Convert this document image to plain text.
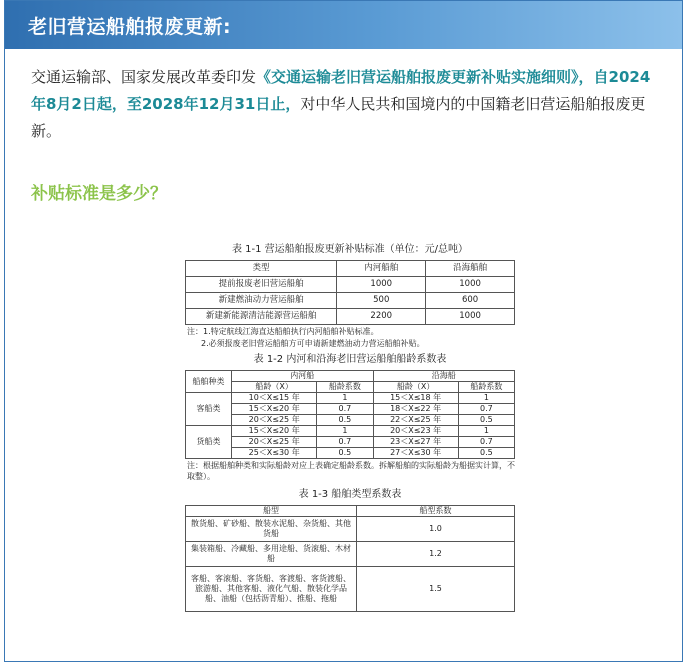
老旧营运船舶报废更新:
交通运输部、国家发展改革委印发《交通运输老旧营运船舶报废更新补贴实施细则》，自2024年8月2日起，至2028年12月31日止，对中华人民共和国境内的中国籍老旧营运船舶报废更新。
补贴标准是多少？
表 1-1 营运船舶报废更新补贴标准（单位：元/总吨）
类型	内河船舶	沿海船舶
提前报废老旧营运船舶	1000	1000
新建燃油动力营运船舶	500	600
新建新能源清洁能源营运船舶	2200	1000
注：1.特定航线江海直达船舶执行内河船舶补贴标准。
2.必须报废老旧营运船舶方可申请新建燃油动力营运船舶补贴。
表 1-2 内河和沿海老旧营运船舶船龄系数表
船舶种类	内河船		沿海船	
	船龄（X）	船龄系数	船龄（X）	船龄系数
客船类	10＜X≤15 年	1	15＜X≤18 年	1
	15＜X≤20 年	0.7	18＜X≤22 年	0.7
	20＜X≤25 年	0.5	22＜X≤25 年	0.5
货船类	15＜X≤20 年	1	20＜X≤23 年	1
	20＜X≤25 年	0.7	23＜X≤27 年	0.7
	25＜X≤30 年	0.5	27＜X≤30 年	0.5
注：根据船舶种类和实际船龄对应上表确定船龄系数。拆解船舶的实际船龄为船据实计算，不取整）。
表 1-3 船舶类型系数表
船型	船型系数
散货船、矿砂船、散装水泥船、杂货船、其他货船	1.0
集装箱船、冷藏船、多用途船、货滚船、木材船	1.2
客船、客滚船、客货船、客渡船、客货渡船、旅游船、其他客船、液化气船、散装化学品船、油船（包括沥青船）、推船、拖船	1.5
